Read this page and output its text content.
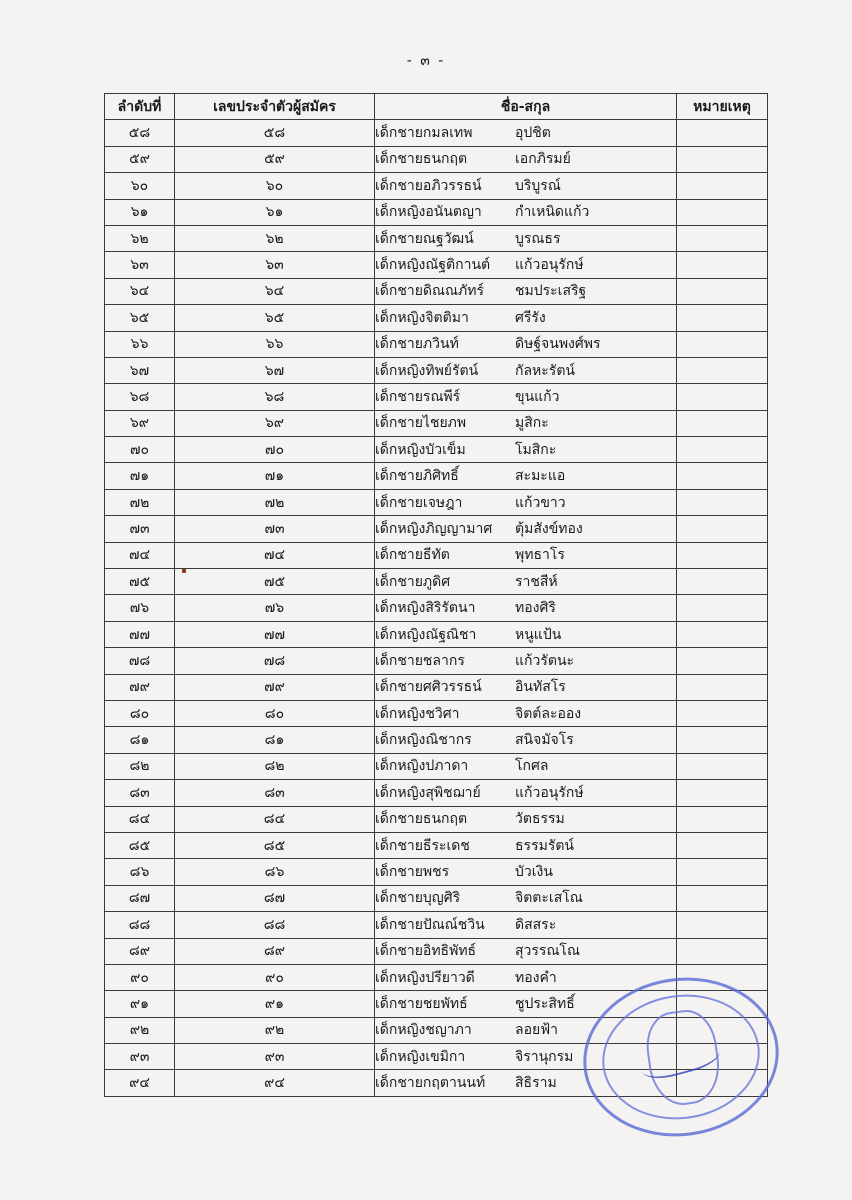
- ๓ -
ลำดับที่	เลขประจำตัวผู้สมัคร	ชื่อ-สกุล	หมายเหตุ
๕๘	๕๘	เด็กชายกมลเทพ อุปชิต	
๕๙	๕๙	เด็กชายธนกฤต เอกภิรมย์	
๖๐	๖๐	เด็กชายอภิวรรธน์ บริบูรณ์	
๖๑	๖๑	เด็กหญิงอนันตญา กำเหนิดแก้ว	
๖๒	๖๒	เด็กชายณฐวัฒน์ บูรณธร	
๖๓	๖๓	เด็กหญิงณัฐติกานต์ แก้วอนุรักษ์	
๖๔	๖๔	เด็กชายดิณณภัทร์ ชมประเสริฐ	
๖๕	๖๕	เด็กหญิงจิตติมา ศรีรัง	
๖๖	๖๖	เด็กชายภวินท์ ดิษฐ์จนพงศ์พร	
๖๗	๖๗	เด็กหญิงทิพย์รัตน์ กัลหะรัตน์	
๖๘	๖๘	เด็กชายรณพีร์ ขุนแก้ว	
๖๙	๖๙	เด็กชายไชยภพ มูสิกะ	
๗๐	๗๐	เด็กหญิงบัวเข็ม โมสิกะ	
๗๑	๗๑	เด็กชายภิศิทธิ์ สะมะแอ	
๗๒	๗๒	เด็กชายเจษฎา แก้วขาว	
๗๓	๗๓	เด็กหญิงภิญญามาศ ตุ้มสังข์ทอง	
๗๔	๗๔	เด็กชายธีทัต พุทธาโร	
๗๕	๗๕	เด็กชายภูดิศ ราชสีห์	
๗๖	๗๖	เด็กหญิงสิริรัตนา ทองศิริ	
๗๗	๗๗	เด็กหญิงณัฐณิชา หนูแป้น	
๗๘	๗๘	เด็กชายชลากร แก้วรัตนะ	
๗๙	๗๙	เด็กชายศศิวรรธน์ อินทัสโร	
๘๐	๘๐	เด็กหญิงชวิศา จิตต์ละออง	
๘๑	๘๑	เด็กหญิงณิชากร สนิจมัจโร	
๘๒	๘๒	เด็กหญิงปภาดา โกศล	
๘๓	๘๓	เด็กหญิงสุพิชฌาย์ แก้วอนุรักษ์	
๘๔	๘๔	เด็กชายธนกฤต วัตธรรม	
๘๕	๘๕	เด็กชายธีระเดช ธรรมรัตน์	
๘๖	๘๖	เด็กชายพชร บัวเงิน	
๘๗	๘๗	เด็กชายบุญศิริ จิตตะเสโณ	
๘๘	๘๘	เด็กชายปัณณ์ชวิน ดิสสระ	
๘๙	๘๙	เด็กชายอิทธิพัทธ์ สุวรรณโณ	
๙๐	๙๐	เด็กหญิงปรียาวดี ทองคำ	
๙๑	๙๑	เด็กชายชยพัทธ์ ชูประสิทธิ์	
๙๒	๙๒	เด็กหญิงชญาภา ลอยฟ้า	
๙๓	๙๓	เด็กหญิงเขมิกา จิรานุกรม	
๙๔	๙๔	เด็กชายกฤตานนท์ สิธิราม	
